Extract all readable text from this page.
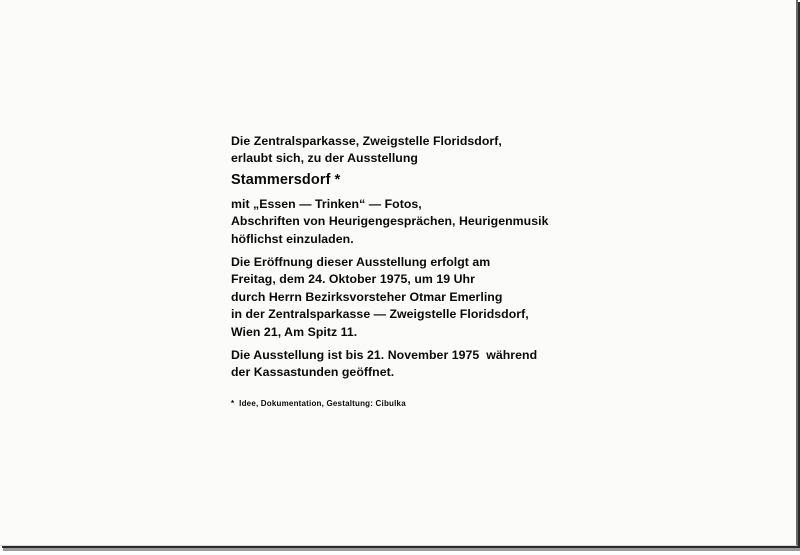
Die Zentralsparkasse, Zweigstelle Floridsdorf,
erlaubt sich, zu der Ausstellung

Stammersdorf *

mit „Essen — Trinken“ — Fotos,
Abschriften von Heurigengesprächen, Heurigenmusik
höflichst einzuladen.

Die Eröffnung dieser Ausstellung erfolgt am
Freitag, dem 24. Oktober 1975, um 19 Uhr
durch Herrn Bezirksvorsteher Otmar Emerling
in der Zentralsparkasse — Zweigstelle Floridsdorf,
Wien 21, Am Spitz 11.

Die Ausstellung ist bis 21. November 1975  während
der Kassastunden geöffnet.

*  Idee, Dokumentation, Gestaltung: Cibulka
